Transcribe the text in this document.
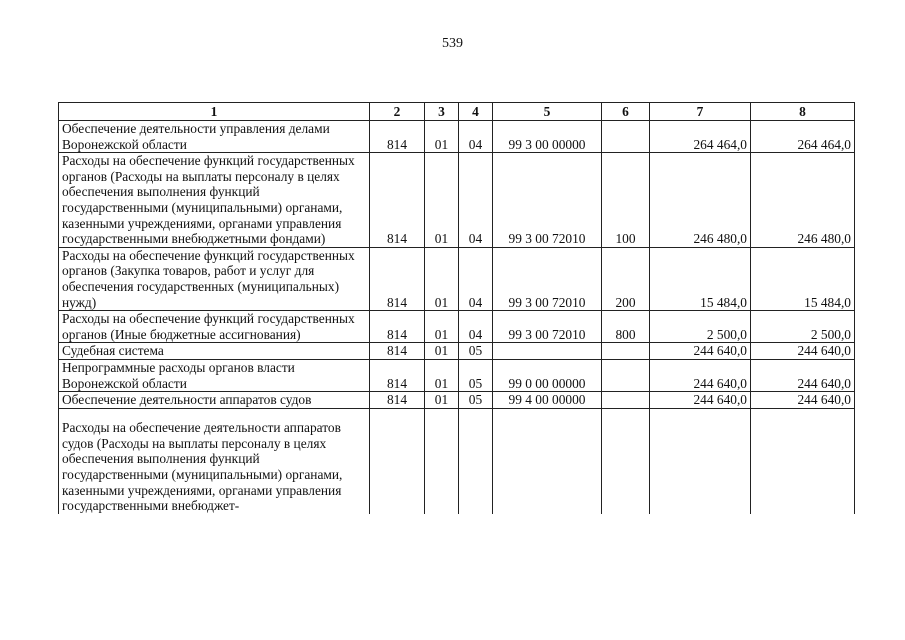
539
1	2	3	4	5	6	7	8
Обеспечение деятельности управления делами Воронежской области	814	01	04	99 3 00 00000		264 464,0	264 464,0
Расходы на обеспечение функций государственных органов (Расходы на выплаты персоналу в целях обеспечения выполнения функций государственными (муниципальными) органами, казенными учреждениями, органами управления государственными внебюджетными фондами)	814	01	04	99 3 00 72010	100	246 480,0	246 480,0
Расходы на обеспечение функций государственных органов (Закупка товаров, работ и услуг для обеспечения государственных (муниципальных) нужд)	814	01	04	99 3 00 72010	200	15 484,0	15 484,0
Расходы на обеспечение функций государственных органов (Иные бюджетные ассигнования)	814	01	04	99 3 00 72010	800	2 500,0	2 500,0
Судебная система	814	01	05			244 640,0	244 640,0
Непрограммные расходы органов власти Воронежской области	814	01	05	99 0 00 00000		244 640,0	244 640,0
Обеспечение деятельности аппаратов судов	814	01	05	99 4 00 00000		244 640,0	244 640,0
Расходы на обеспечение деятельности аппаратов судов (Расходы на выплаты персоналу в целях обеспечения выполнения функций государственными (муниципальными) органами, казенными учреждениями, органами управления государственными внебюджет-							
